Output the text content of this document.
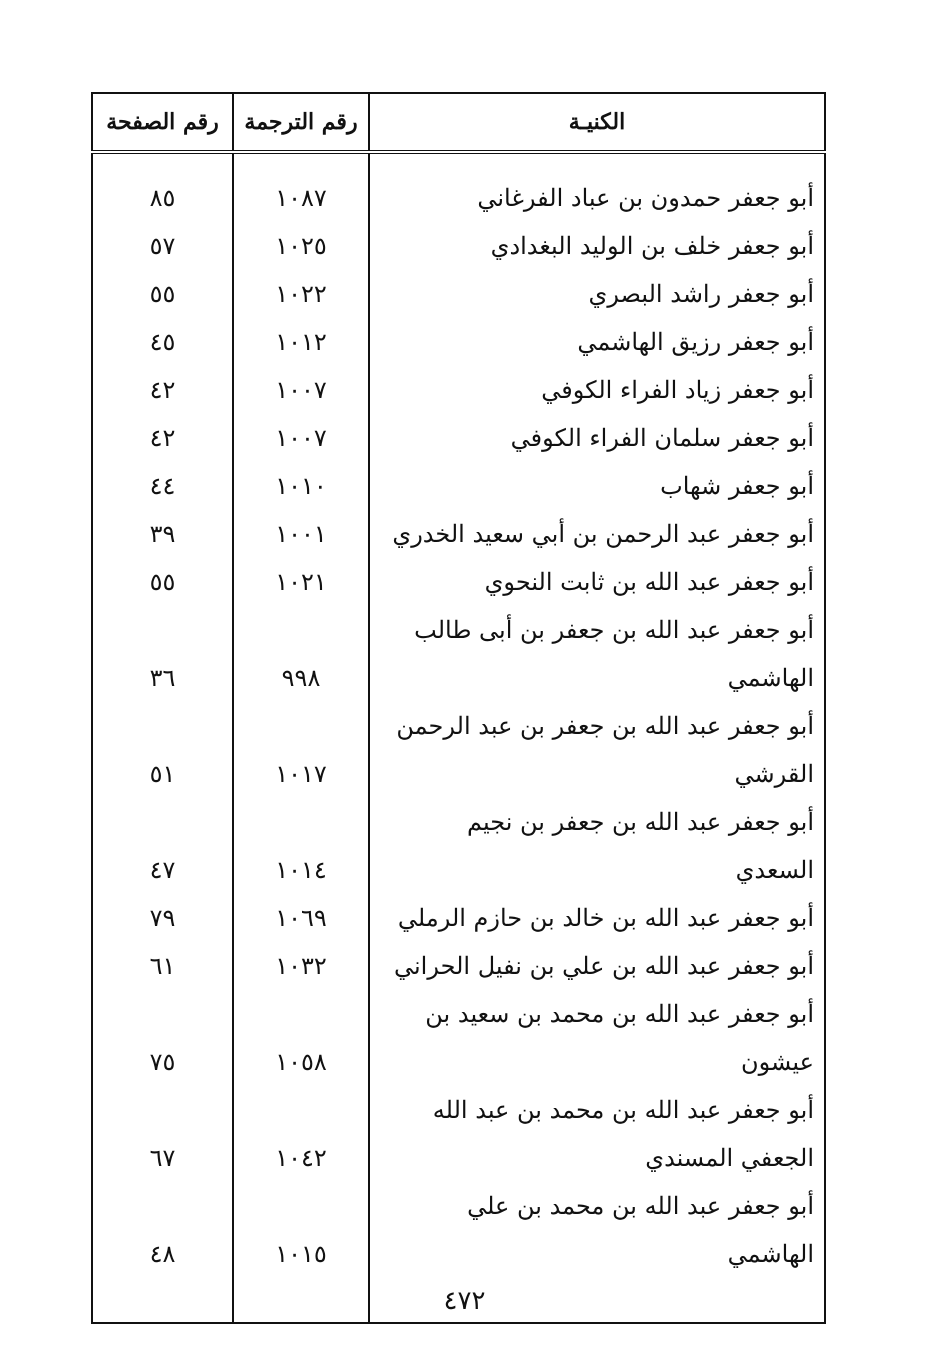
الكنيـة	رقم الترجمة	رقم الصفحة
أبو جعفر حمدون بن عباد الفرغاني	١٠٨٧	٨٥
أبو جعفر خلف بن الوليد البغدادي	١٠٢٥	٥٧
أبو جعفر راشد البصري	١٠٢٢	٥٥
أبو جعفر رزيق الهاشمي	١٠١٢	٤٥
أبو جعفر زياد الفراء الكوفي	١٠٠٧	٤٢
أبو جعفر سلمان الفراء الكوفي	١٠٠٧	٤٢
أبو جعفر شهاب	١٠١٠	٤٤
أبو جعفر عبد الرحمن بن أبي سعيد الخدري	١٠٠١	٣٩
أبو جعفر عبد الله بن ثابت النحوي	١٠٢١	٥٥
أبو جعفر عبد الله بن جعفر بن أبى طالب الهاشمي	٩٩٨	٣٦
أبو جعفر عبد الله بن جعفر بن عبد الرحمن القرشي	١٠١٧	٥١
أبو جعفر عبد الله بن جعفر بن نجيم السعدي	١٠١٤	٤٧
أبو جعفر عبد الله بن خالد بن حازم الرملي	١٠٦٩	٧٩
أبو جعفر عبد الله بن علي بن نفيل الحراني	١٠٣٢	٦١
أبو جعفر عبد الله بن محمد بن سعيد بن عيشون	١٠٥٨	٧٥
أبو جعفر عبد الله بن محمد بن عبد الله الجعفي المسندي	١٠٤٢	٦٧
أبو جعفر عبد الله بن محمد بن علي الهاشمي	١٠١٥	٤٨

٤٧٢
